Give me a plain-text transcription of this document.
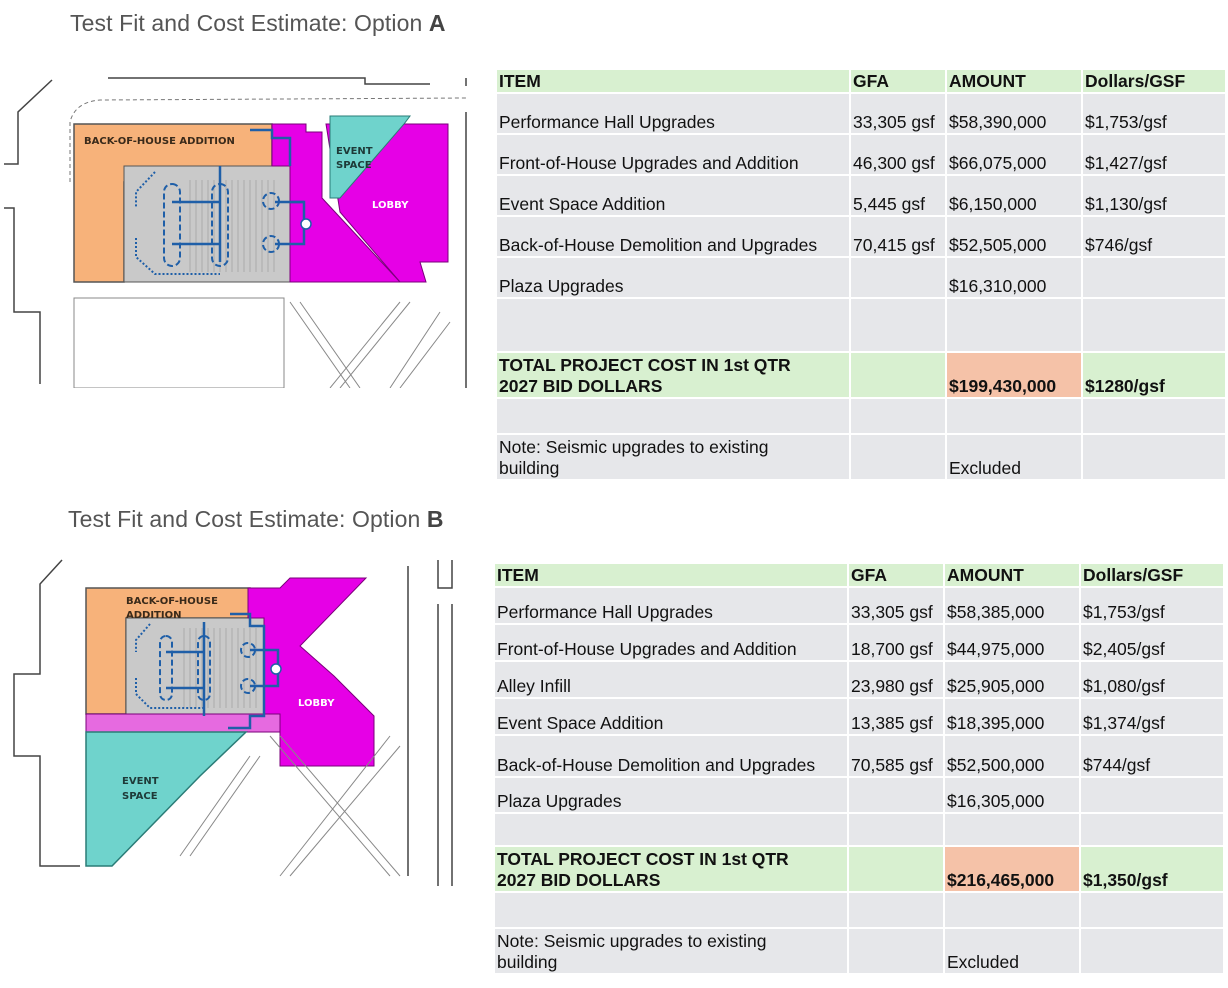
Test Fit and Cost Estimate: Option A
BACK-OF-HOUSE ADDITION
EVENT
SPACE
LOBBY
ITEM	GFA	AMOUNT	Dollars/GSF
Performance Hall Upgrades	33,305 gsf	$58,390,000	$1,753/gsf
Front-of-House Upgrades and Addition	46,300 gsf	$66,075,000	$1,427/gsf
Event Space Addition	5,445 gsf	$6,150,000	$1,130/gsf
Back-of-House Demolition and Upgrades	70,415 gsf	$52,505,000	$746/gsf
Plaza Upgrades		$16,310,000	

TOTAL PROJECT COST IN 1st QTR
2027 BID DOLLARS		$199,430,000	$1280/gsf

Note: Seismic upgrades to existing
building		Excluded	
Test Fit and Cost Estimate: Option B
BACK-OF-HOUSE
ADDITION
EVENT
SPACE
LOBBY
ITEM	GFA	AMOUNT	Dollars/GSF
Performance Hall Upgrades	33,305 gsf	$58,385,000	$1,753/gsf
Front-of-House Upgrades and Addition	18,700 gsf	$44,975,000	$2,405/gsf
Alley Infill	23,980 gsf	$25,905,000	$1,080/gsf
Event Space Addition	13,385 gsf	$18,395,000	$1,374/gsf
Back-of-House Demolition and Upgrades	70,585 gsf	$52,500,000	$744/gsf
Plaza Upgrades		$16,305,000	

TOTAL PROJECT COST IN 1st QTR
2027 BID DOLLARS		$216,465,000	$1,350/gsf

Note: Seismic upgrades to existing
building		Excluded	
